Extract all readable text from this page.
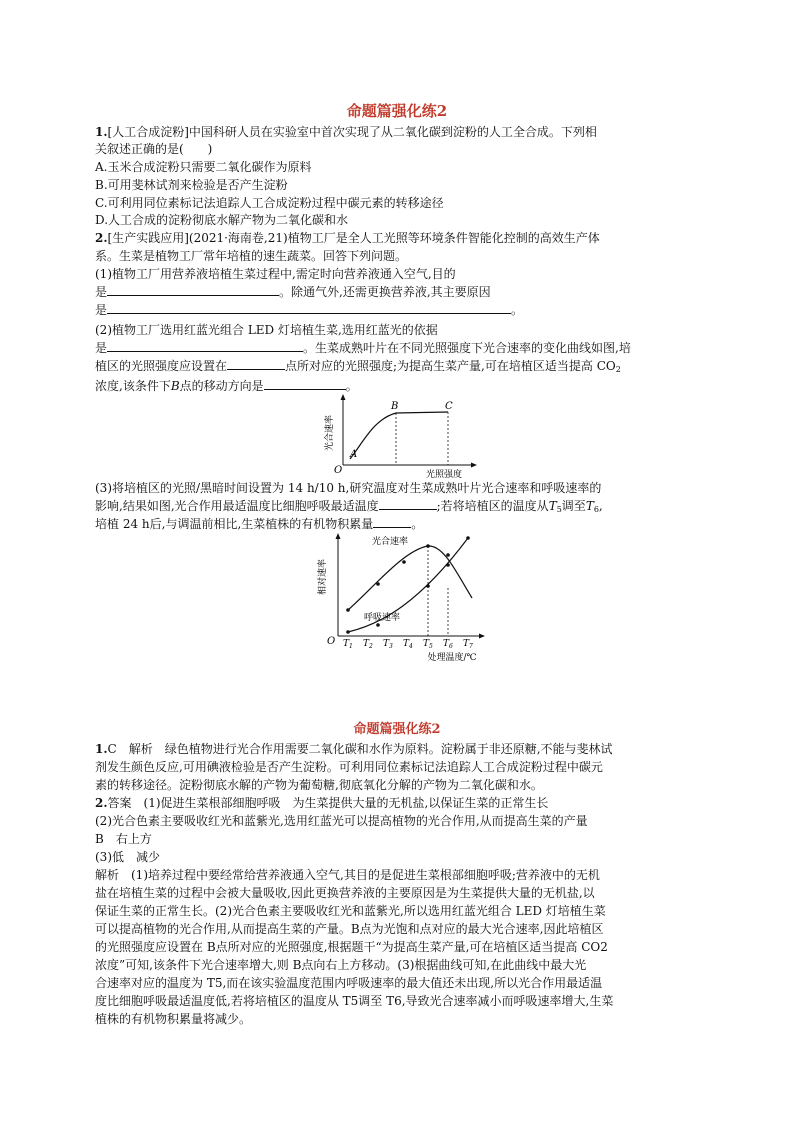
命题篇强化练2
1.[人工合成淀粉]中国科研人员在实验室中首次实现了从二氧化碳到淀粉的人工全合成。下列相
关叙述正确的是(　　)
A.玉米合成淀粉只需要二氧化碳作为原料
B.可用斐林试剂来检验是否产生淀粉
C.可利用同位素标记法追踪人工合成淀粉过程中碳元素的转移途径
D.人工合成的淀粉彻底水解产物为二氧化碳和水
2.[生产实践应用](2021·海南卷,21)植物工厂是全人工光照等环境条件智能化控制的高效生产体
系。生菜是植物工厂常年培植的速生蔬菜。回答下列问题。
(1)植物工厂用营养液培植生菜过程中,需定时向营养液通入空气,目的
是	。除通气外,还需更换营养液,其主要原因
是	。
(2)植物工厂选用红蓝光组合 LED 灯培植生菜,选用红蓝光的依据
是	。生菜成熟叶片在不同光照强度下光合速率的变化曲线如图,培
植区的光照强度应设置在	点所对应的光照强度;为提高生菜产量,可在培植区适当提高 $CO_2$
浓度,该条件下B点的移动方向是	。
光合速率
O
A
B	C
光照强度
(3)将培植区的光照/黑暗时间设置为 14 h/10 h,研究温度对生菜成熟叶片光合速率和呼吸速率的
影响,结果如图,光合作用最适温度比细胞呼吸最适温度	;若将培植区的温度从$T_5$调至$T_6$,
培植 24 h后,与调温前相比,生菜植株的有机物积累量	。
相对速率
光合速率
呼吸速率
O $T_1$ $T_2$ $T_3$ $T_4$ $T_5$ $T_6$ $T_7$
处理温度/℃
命题篇强化练2
1.C　解析　绿色植物进行光合作用需要二氧化碳和水作为原料。淀粉属于非还原糖,不能与斐林试
剂发生颜色反应,可用碘液检验是否产生淀粉。可利用同位素标记法追踪人工合成淀粉过程中碳元
素的转移途径。淀粉彻底水解的产物为葡萄糖,彻底氧化分解的产物为二氧化碳和水。
2.答案　(1)促进生菜根部细胞呼吸　为生菜提供大量的无机盐,以保证生菜的正常生长
(2)光合色素主要吸收红光和蓝紫光,选用红蓝光可以提高植物的光合作用,从而提高生菜的产量
B　右上方
(3)低　减少
解析　(1)培养过程中要经常给营养液通入空气,其目的是促进生菜根部细胞呼吸;营养液中的无机
盐在培植生菜的过程中会被大量吸收,因此更换营养液的主要原因是为生菜提供大量的无机盐,以
保证生菜的正常生长。(2)光合色素主要吸收红光和蓝紫光,所以选用红蓝光组合 LED 灯培植生菜
可以提高植物的光合作用,从而提高生菜的产量。B点为光饱和点对应的最大光合速率,因此培植区
的光照强度应设置在 B点所对应的光照强度,根据题干“为提高生菜产量,可在培植区适当提高 CO2
浓度”可知,该条件下光合速率增大,则 B点向右上方移动。(3)根据曲线可知,在此曲线中最大光
合速率对应的温度为 T5,而在该实验温度范围内呼吸速率的最大值还未出现,所以光合作用最适温
度比细胞呼吸最适温度低,若将培植区的温度从 T5调至 T6,导致光合速率减小而呼吸速率增大,生菜
植株的有机物积累量将减少。
